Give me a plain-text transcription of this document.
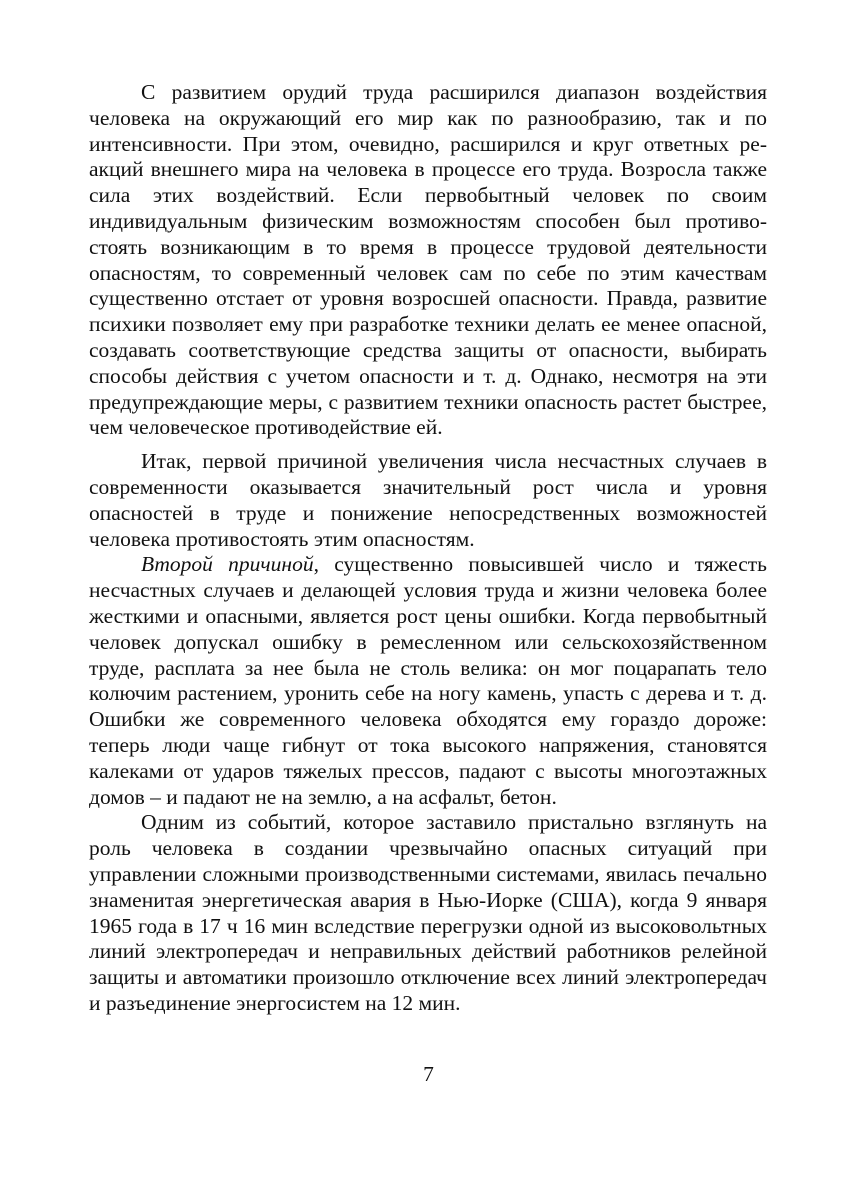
С развитием орудий труда расширился диапазон воздействия человека на окружающий его мир как по разнообразию, так и по интенсивности. При этом, очевидно, расширился и круг ответных реакций внешнего мира на человека в процессе его труда. Возросла также сила этих воздействий. Если первобытный человек по своим индивидуальным физическим возможностям способен был противостоять возникающим в то время в процессе трудовой деятельности опасностям, то современный человек сам по себе по этим качествам существенно отстает от уровня возросшей опасности. Правда, развитие психики позволяет ему при разработке техники делать ее менее опасной, создавать соответствующие средства защиты от опасности, выбирать способы действия с учетом опасности и т. д. Однако, несмотря на эти предупреждающие меры, с развитием техники опасность растет быстрее, чем человеческое противодействие ей.

Итак, первой причиной увеличения числа несчастных случаев в современности оказывается значительный рост числа и уровня опасностей в труде и понижение непосредственных возможностей человека противостоять этим опасностям.

Второй причиной, существенно повысившей число и тяжесть несчастных случаев и делающей условия труда и жизни человека более жесткими и опасными, является рост цены ошибки. Когда первобытный человек допускал ошибку в ремесленном или сельскохозяйственном труде, расплата за нее была не столь велика: он мог поцарапать тело колючим растением, уронить себе на ногу камень, упасть с дерева и т. д. Ошибки же современного человека обходятся ему гораздо дороже: теперь люди чаще гибнут от тока высокого напряжения, становятся калеками от ударов тяжелых прессов, падают с высоты многоэтажных домов – и падают не на землю, а на асфальт, бетон.

Одним из событий, которое заставило пристально взглянуть на роль человека в создании чрезвычайно опасных ситуаций при управлении сложными производственными системами, явилась печально знаменитая энергетическая авария в Нью-Иорке (США), когда 9 января 1965 года в 17 ч 16 мин вследствие перегрузки одной из высоковольтных линий электропередач и неправильных действий работников релейной защиты и автоматики произошло отключение всех линий электропередач и разъединение энергосистем на 12 мин.

7
